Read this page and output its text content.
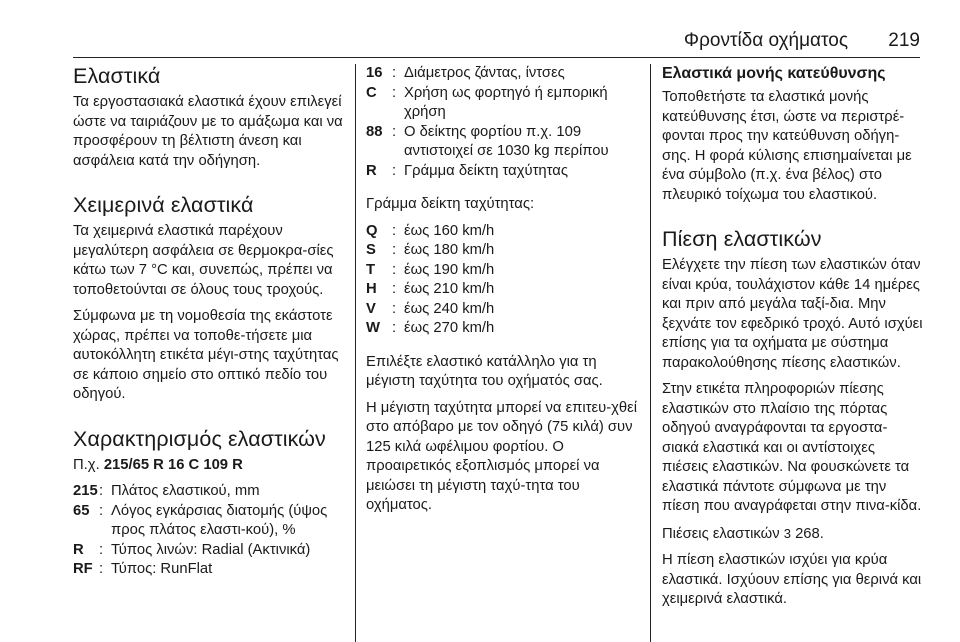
Φροντίδα οχήματος 219
Ελαστικά

Τα εργοστασιακά ελαστικά έχουν επιλεγεί ώστε να ταιριάζουν με το αμάξωμα και να προσφέρουν τη βέλτιστη άνεση και ασφάλεια κατά την οδήγηση.

Χειμερινά ελαστικά

Τα χειμερινά ελαστικά παρέχουν μεγαλύτερη ασφάλεια σε θερμοκρα-σίες κάτω των 7 °C και, συνεπώς, πρέπει να τοποθετούνται σε όλους τους τροχούς.

Σύμφωνα με τη νομοθεσία της εκάστοτε χώρας, πρέπει να τοποθε-τήσετε μια αυτοκόλλητη ετικέτα μέγι-στης ταχύτητας σε κάποιο σημείο στο οπτικό πεδίο του οδηγού.

Χαρακτηρισμός ελαστικών

Π.χ. 215/65 R 16 C 109 R

215 : Πλάτος ελαστικού, mm
65 : Λόγος εγκάρσιας διατομής (ύψος προς πλάτος ελαστι-κού), %
R	: Τύπος λινών: Radial (Ακτινικά)
RF : Τύπος: RunFlat
16 : Διάμετρος ζάντας, ίντσες
C	: Χρήση ως φορτηγό ή εμπορική χρήση
88 : Ο δείκτης φορτίου π.χ. 109 αντιστοιχεί σε 1030 kg περίπου
R	: Γράμμα δείκτη ταχύτητας

Γράμμα δείκτη ταχύτητας:

Q : έως 160 km/h
S	: έως 180 km/h
T	: έως 190 km/h
H	: έως 210 km/h
V	: έως 240 km/h
W : έως 270 km/h

Επιλέξτε ελαστικό κατάλληλο για τη μέγιστη ταχύτητα του οχήματός σας.

Η μέγιστη ταχύτητα μπορεί να επιτευ-χθεί στο απόβαρο με τον οδηγό (75 κιλά) συν 125 κιλά ωφέλιμου φορτίου. Ο προαιρετικός εξοπλισμός μπορεί να μειώσει τη μέγιστη ταχύ-τητα του οχήματος.

Ελαστικά μονής κατεύθυνσης

Τοποθετήστε τα ελαστικά μονής κατεύθυνσης έτσι, ώστε να περιστρέ-φονται προς την κατεύθυνση οδήγη-σης. Η φορά κύλισης επισημαίνεται με ένα σύμβολο (π.χ. ένα βέλος) στο πλευρικό τοίχωμα του ελαστικού.

Πίεση ελαστικών

Ελέγχετε την πίεση των ελαστικών όταν είναι κρύα, τουλάχιστον κάθε 14 ημέρες και πριν από μεγάλα ταξί-δια. Μην ξεχνάτε τον εφεδρικό τροχό. Αυτό ισχύει επίσης για τα οχήματα με σύστημα παρακολούθησης πίεσης ελαστικών.

Στην ετικέτα πληροφοριών πίεσης ελαστικών στο πλαίσιο της πόρτας οδηγού αναγράφονται τα εργοστα-σιακά ελαστικά και οι αντίστοιχες πιέσεις ελαστικών. Να φουσκώνετε τα ελαστικά πάντοτε σύμφωνα με την πίεση που αναγράφεται στην πινα-κίδα.

Πιέσεις ελαστικών 3 268.

Η πίεση ελαστικών ισχύει για κρύα ελαστικά. Ισχύουν επίσης για θερινά και χειμερινά ελαστικά.
